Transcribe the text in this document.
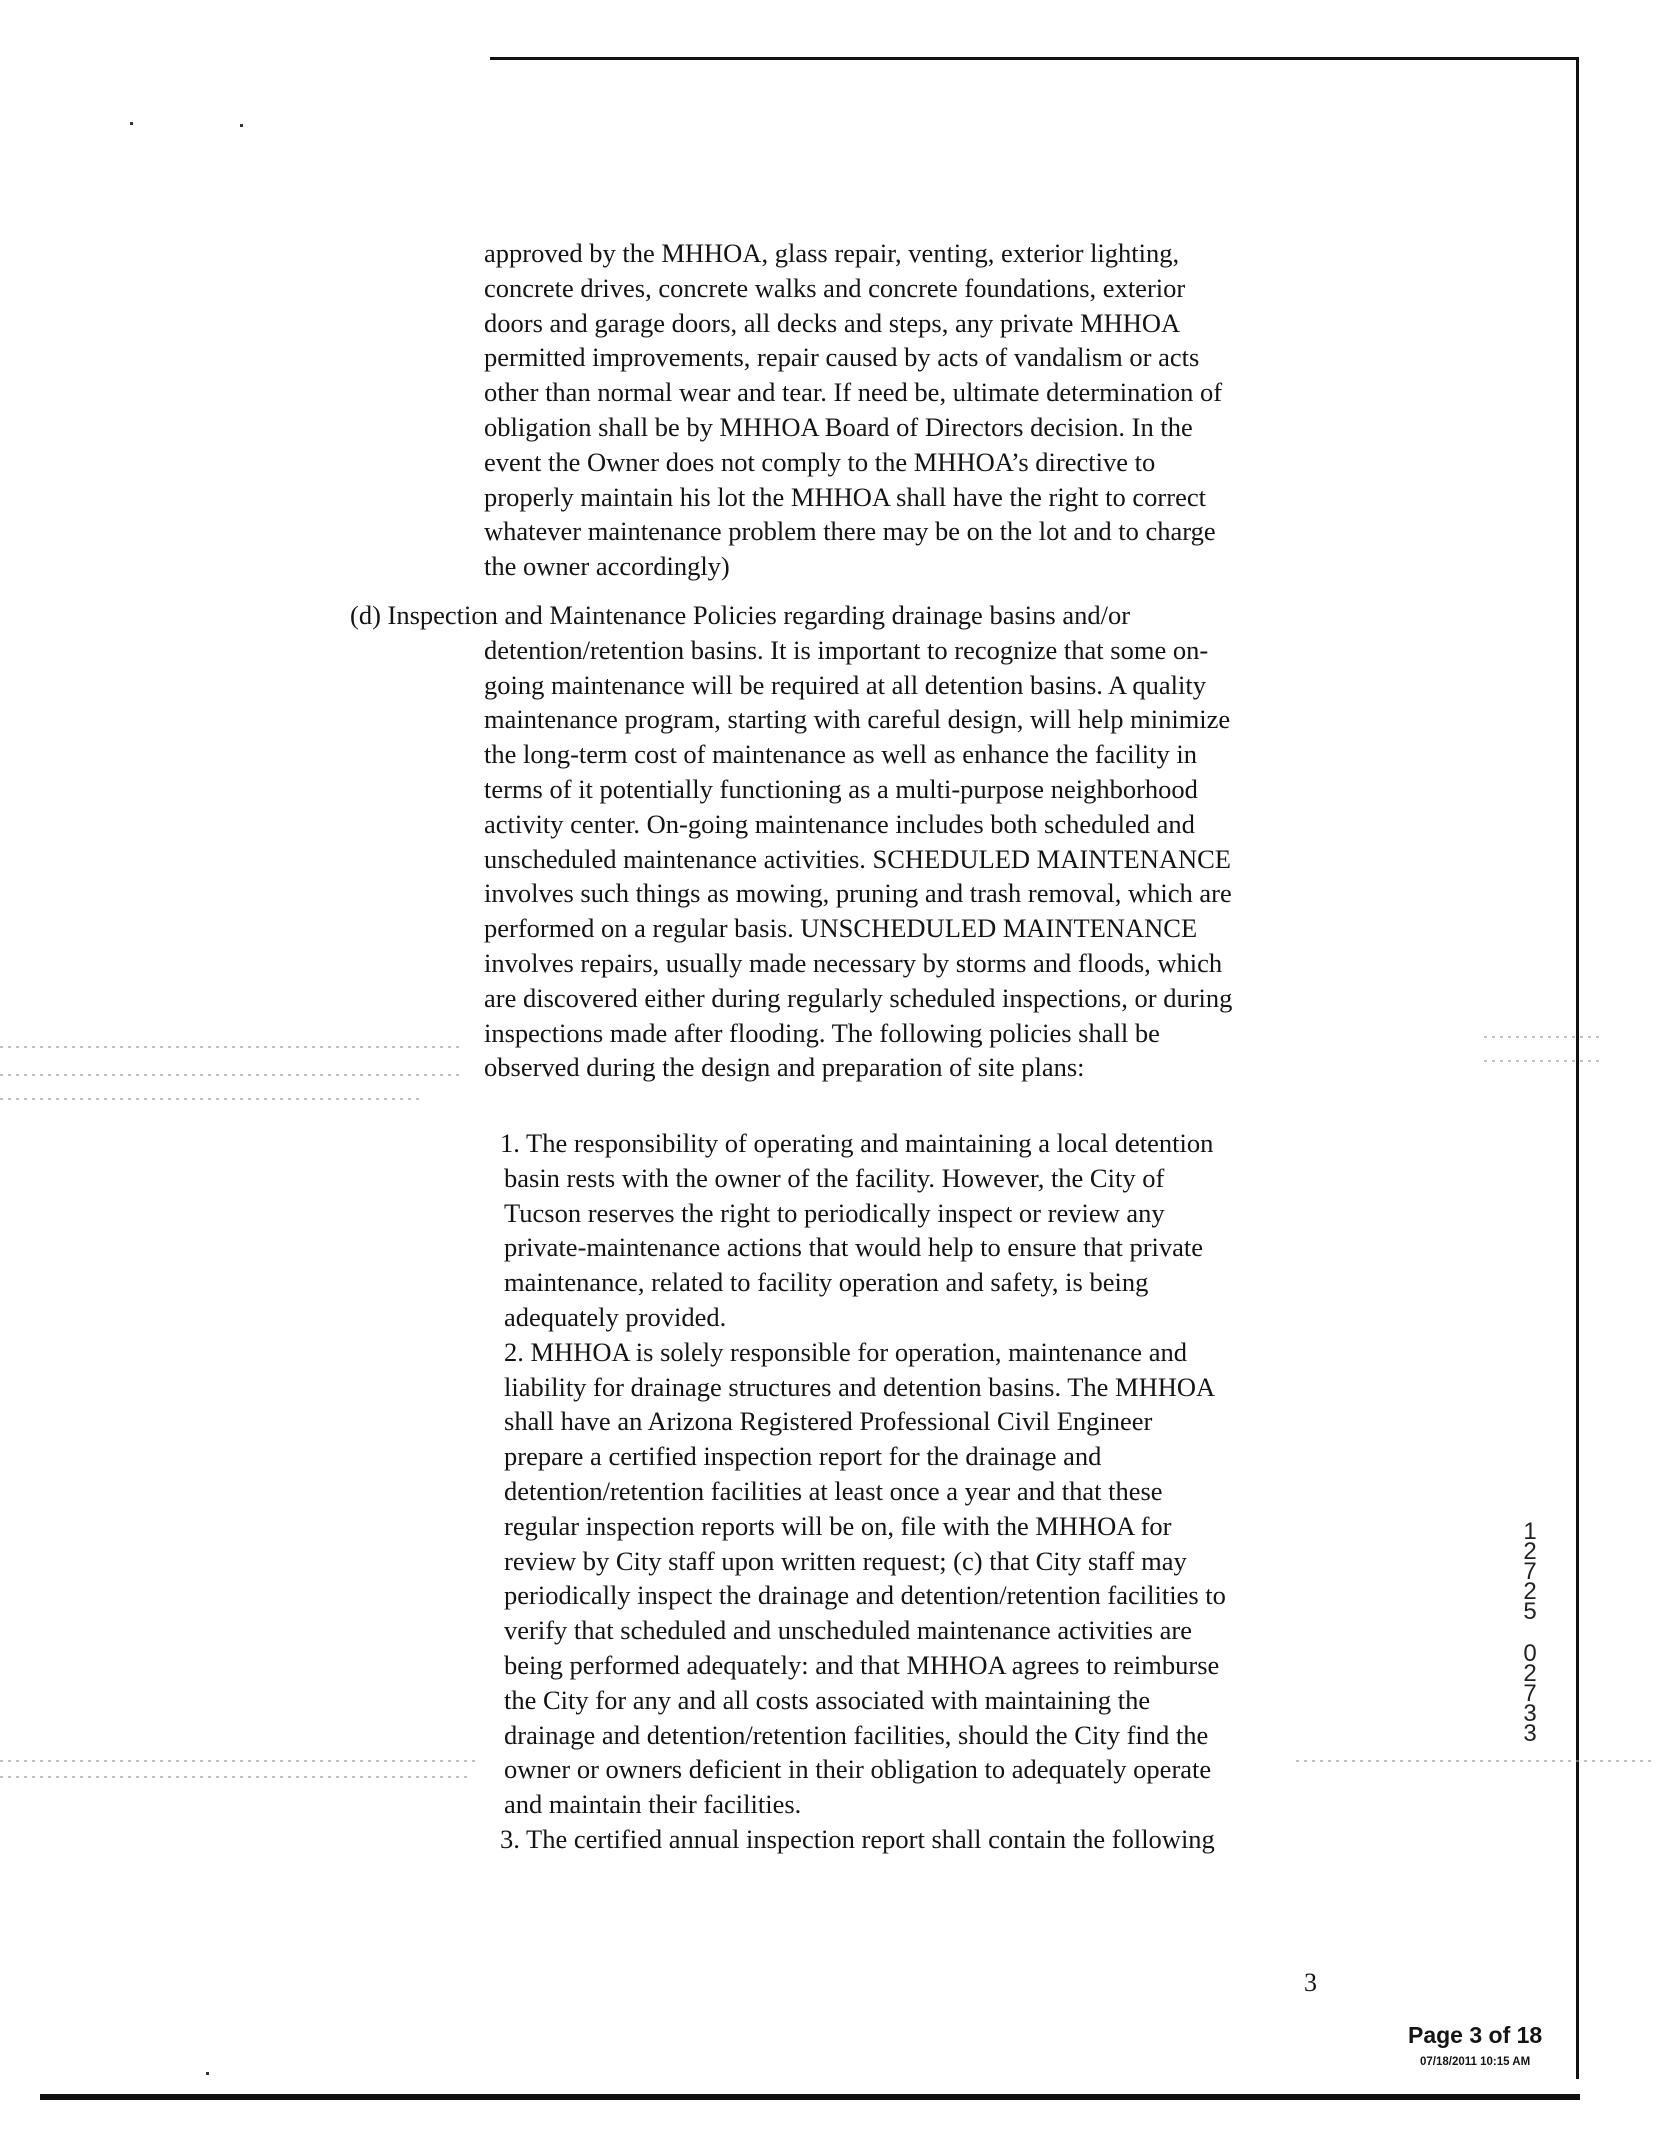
approved by the MHHOA, glass repair, venting, exterior lighting,
concrete drives, concrete walks and concrete foundations, exterior
doors and garage doors, all decks and steps, any private MHHOA
permitted improvements, repair caused by acts of vandalism or acts
other than normal wear and tear. If need be, ultimate determination of
obligation shall be by MHHOA Board of Directors decision. In the
event the Owner does not comply to the MHHOA’s directive to
properly maintain his lot the MHHOA shall have the right to correct
whatever maintenance problem there may be on the lot and to charge
the owner accordingly)
(d) Inspection and Maintenance Policies regarding drainage basins and/or
detention/retention basins. It is important to recognize that some on-
going maintenance will be required at all detention basins. A quality
maintenance program, starting with careful design, will help minimize
the long-term cost of maintenance as well as enhance the facility in
terms of it potentially functioning as a multi-purpose neighborhood
activity center. On-going maintenance includes both scheduled and
unscheduled maintenance activities. SCHEDULED MAINTENANCE
involves such things as mowing, pruning and trash removal, which are
performed on a regular basis. UNSCHEDULED MAINTENANCE
involves repairs, usually made necessary by storms and floods, which
are discovered either during regularly scheduled inspections, or during
inspections made after flooding. The following policies shall be
observed during the design and preparation of site plans:
1. The responsibility of operating and maintaining a local detention
basin rests with the owner of the facility. However, the City of
Tucson reserves the right to periodically inspect or review any
private-maintenance actions that would help to ensure that private
maintenance, related to facility operation and safety, is being
adequately provided.
2. MHHOA is solely responsible for operation, maintenance and
liability for drainage structures and detention basins. The MHHOA
shall have an Arizona Registered Professional Civil Engineer
prepare a certified inspection report for the drainage and
detention/retention facilities at least once a year and that these
regular inspection reports will be on, file with the MHHOA for
review by City staff upon written request; (c) that City staff may
periodically inspect the drainage and detention/retention facilities to
verify that scheduled and unscheduled maintenance activities are
being performed adequately: and that MHHOA agrees to reimburse
the City for any and all costs associated with maintaining the
drainage and detention/retention facilities, should the City find the
owner or owners deficient in their obligation to adequately operate
and maintain their facilities.
3. The certified annual inspection report shall contain the following
1
2
7
2
5
0
2
7
3
3
3
Page 3 of 18
07/18/2011 10:15 AM
